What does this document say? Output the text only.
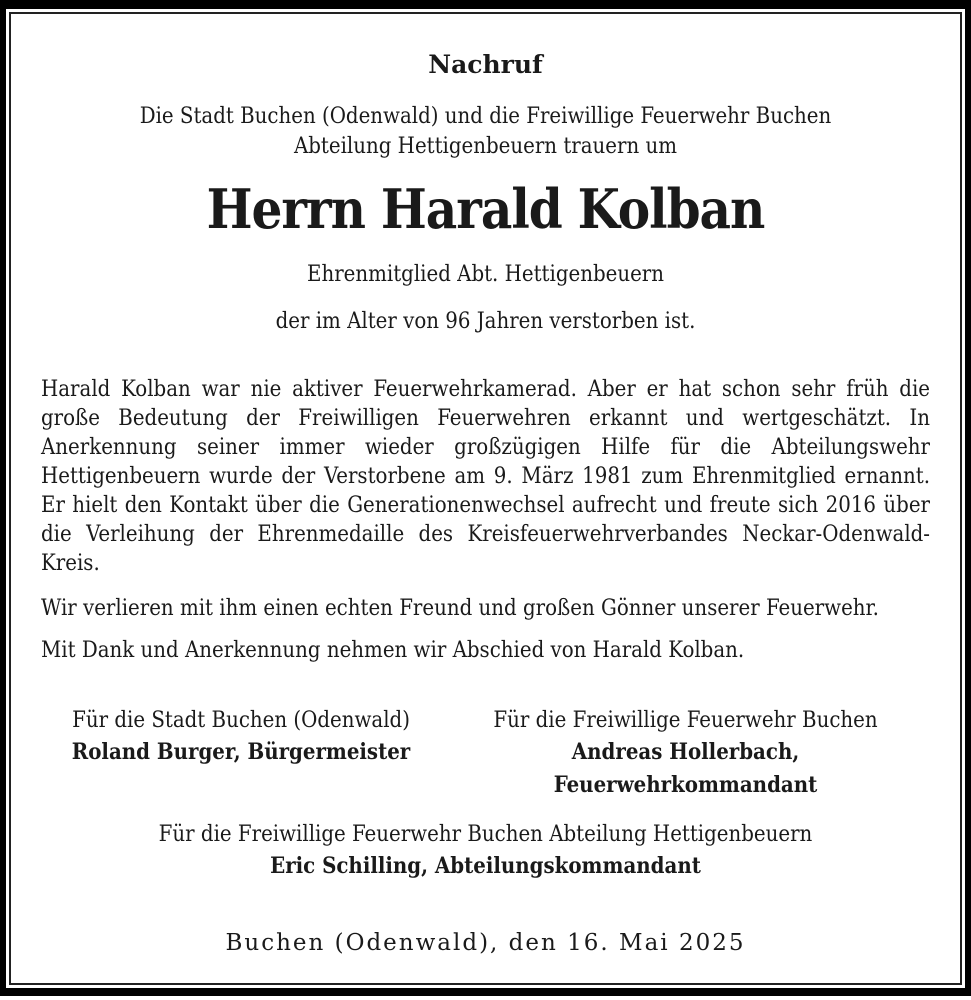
Nachruf
Die Stadt Buchen (Odenwald) und die Freiwillige Feuerwehr Buchen
Abteilung Hettigenbeuern trauern um
Herrn Harald Kolban
Ehrenmitglied Abt. Hettigenbeuern
der im Alter von 96 Jahren verstorben ist.
Harald Kolban war nie aktiver Feuerwehrkamerad. Aber er hat schon sehr früh die große Bedeutung der Freiwilligen Feuerwehren erkannt und wertgeschätzt. In Anerkennung seiner immer wieder großzügigen Hilfe für die Abteilungswehr Hettigenbeuern wurde der Verstorbene am 9. März 1981 zum Ehrenmitglied ernannt. Er hielt den Kontakt über die Generationenwechsel aufrecht und freute sich 2016 über die Verleihung der Ehrenmedaille des Kreisfeuerwehrverbandes Neckar-Odenwald-Kreis.
Wir verlieren mit ihm einen echten Freund und großen Gönner unserer Feuerwehr.
Mit Dank und Anerkennung nehmen wir Abschied von Harald Kolban.
Für die Stadt Buchen (Odenwald)
Roland Burger, Bürgermeister
Für die Freiwillige Feuerwehr Buchen
Andreas Hollerbach, Feuerwehrkommandant
Für die Freiwillige Feuerwehr Buchen Abteilung Hettigenbeuern
Eric Schilling, Abteilungskommandant
Buchen (Odenwald), den 16. Mai 2025
